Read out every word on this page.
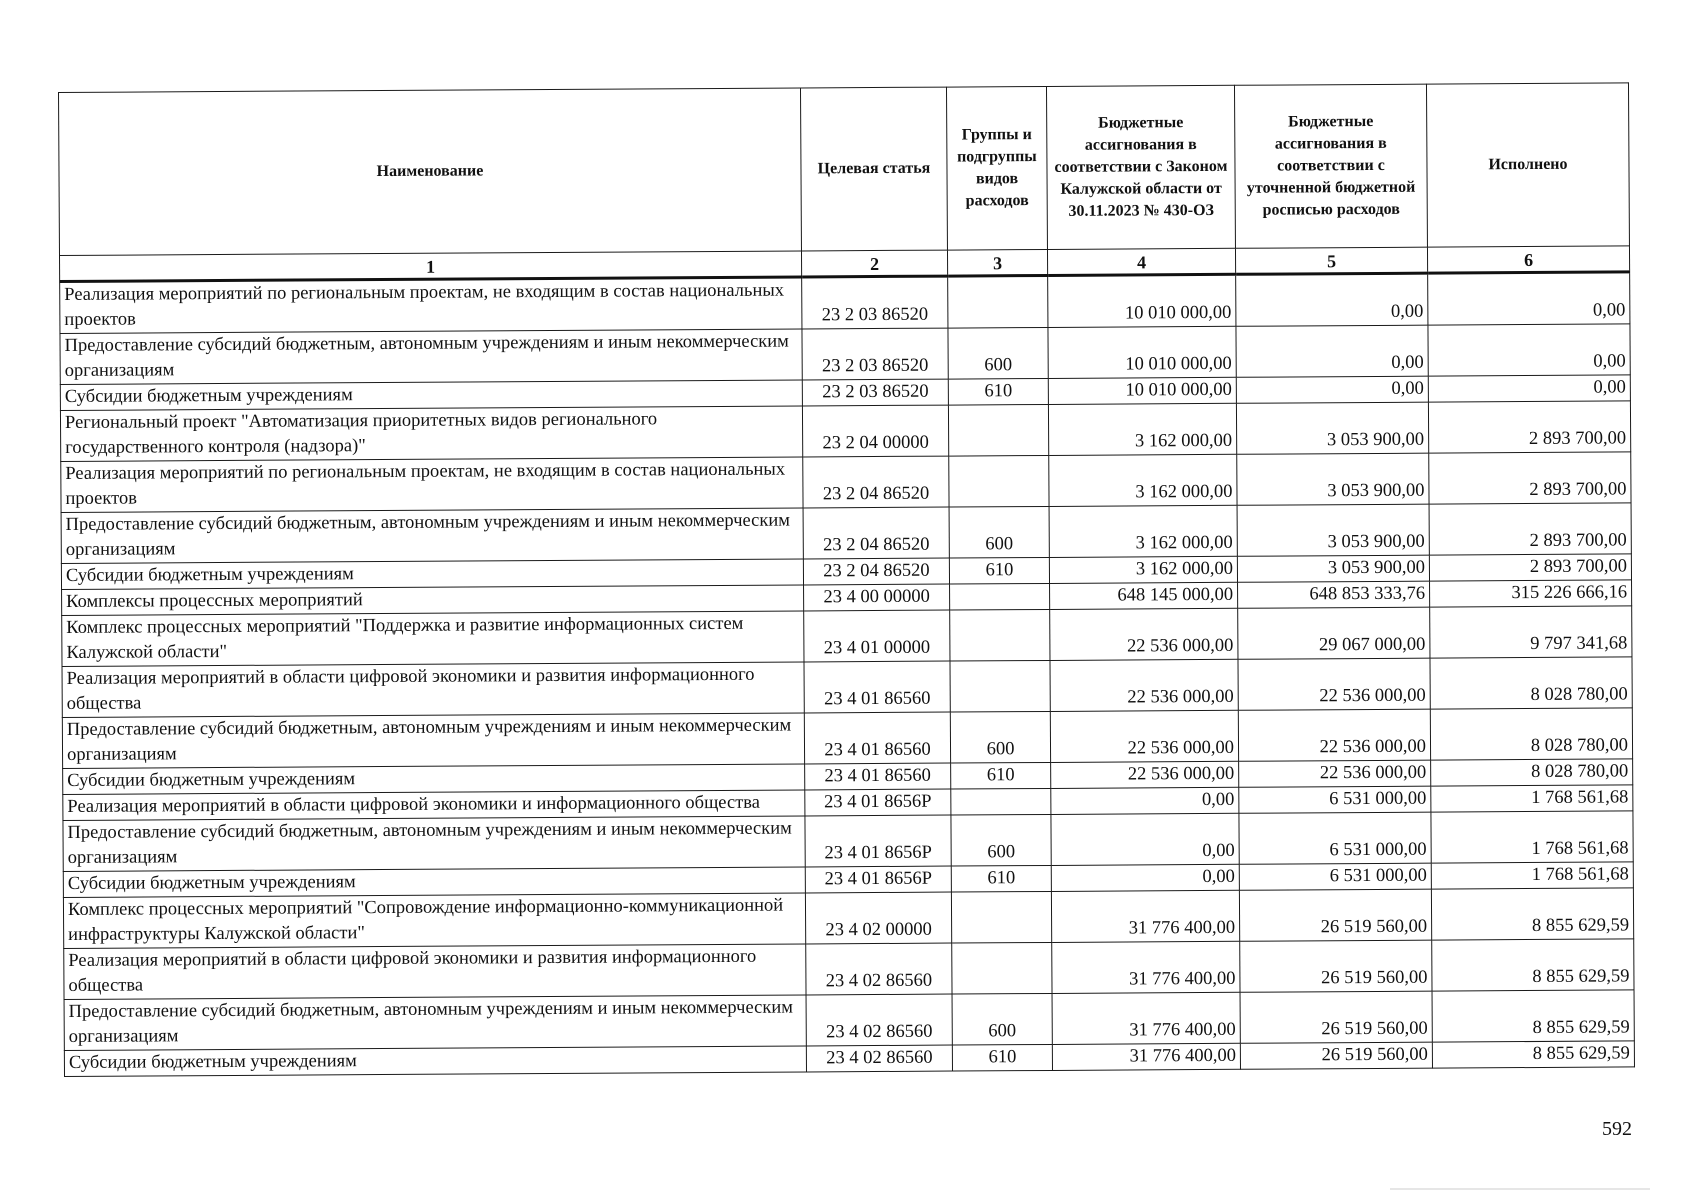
Наименование	Целевая статья	Группы и подгруппы видов расходов	Бюджетные ассигнования в соответствии с Законом Калужской области от 30.11.2023 № 430-ОЗ	Бюджетные ассигнования в соответствии с уточненной бюджетной росписью расходов	Исполнено
1	2	3	4	5	6
Реализация мероприятий по региональным проектам, не входящим в состав национальных проектов	23 2 03 86520		10 010 000,00	0,00	0,00
Предоставление субсидий бюджетным, автономным учреждениям и иным некоммерческим организациям	23 2 03 86520	600	10 010 000,00	0,00	0,00
Субсидии бюджетным учреждениям	23 2 03 86520	610	10 010 000,00	0,00	0,00
Региональный проект "Автоматизация приоритетных видов регионального государственного контроля (надзора)"	23 2 04 00000		3 162 000,00	3 053 900,00	2 893 700,00
Реализация мероприятий по региональным проектам, не входящим в состав национальных проектов	23 2 04 86520		3 162 000,00	3 053 900,00	2 893 700,00
Предоставление субсидий бюджетным, автономным учреждениям и иным некоммерческим организациям	23 2 04 86520	600	3 162 000,00	3 053 900,00	2 893 700,00
Субсидии бюджетным учреждениям	23 2 04 86520	610	3 162 000,00	3 053 900,00	2 893 700,00
Комплексы процессных мероприятий	23 4 00 00000		648 145 000,00	648 853 333,76	315 226 666,16
Комплекс процессных мероприятий "Поддержка и развитие информационных систем Калужской области"	23 4 01 00000		22 536 000,00	29 067 000,00	9 797 341,68
Реализация мероприятий в области цифровой экономики и развития информационного общества	23 4 01 86560		22 536 000,00	22 536 000,00	8 028 780,00
Предоставление субсидий бюджетным, автономным учреждениям и иным некоммерческим организациям	23 4 01 86560	600	22 536 000,00	22 536 000,00	8 028 780,00
Субсидии бюджетным учреждениям	23 4 01 86560	610	22 536 000,00	22 536 000,00	8 028 780,00
Реализация мероприятий в области цифровой экономики и информационного общества	23 4 01 8656Р		0,00	6 531 000,00	1 768 561,68
Предоставление субсидий бюджетным, автономным учреждениям и иным некоммерческим организациям	23 4 01 8656Р	600	0,00	6 531 000,00	1 768 561,68
Субсидии бюджетным учреждениям	23 4 01 8656Р	610	0,00	6 531 000,00	1 768 561,68
Комплекс процессных мероприятий "Сопровождение информационно-коммуникационной инфраструктуры Калужской области"	23 4 02 00000		31 776 400,00	26 519 560,00	8 855 629,59
Реализация мероприятий в области цифровой экономики и развития информационного общества	23 4 02 86560		31 776 400,00	26 519 560,00	8 855 629,59
Предоставление субсидий бюджетным, автономным учреждениям и иным некоммерческим организациям	23 4 02 86560	600	31 776 400,00	26 519 560,00	8 855 629,59
Субсидии бюджетным учреждениям	23 4 02 86560	610	31 776 400,00	26 519 560,00	8 855 629,59
592
